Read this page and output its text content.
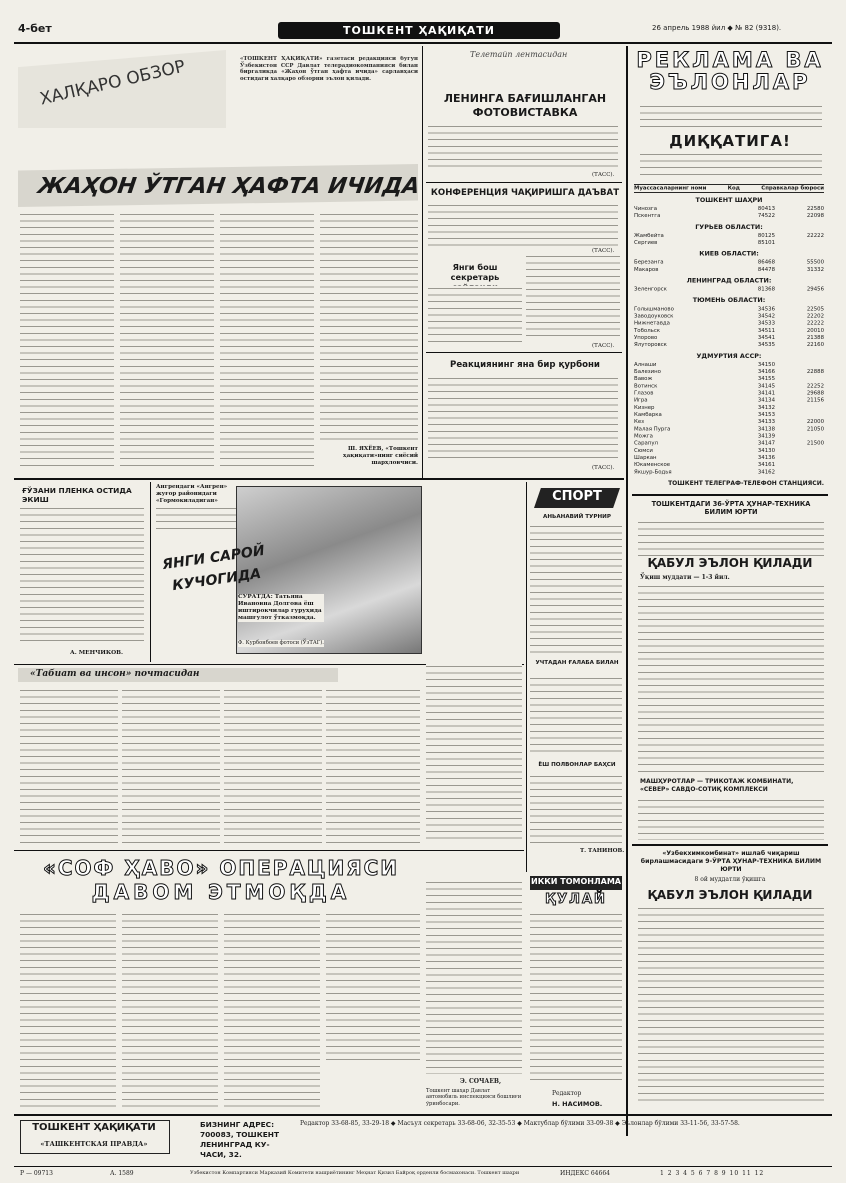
4-бет	ТОШКЕНТ ҲАҚИҚАТИ	26 апрель 1988 йил ◆ № 82 (9318).
ХАЛҚАРО ОБЗОР
ЖАҲОН ЎТГАН ҲАФТА ИЧИДА
«ТОШКЕНТ ҲАҚИҚАТИ» газетаси редакцияси бугун Ўзбекистон ССР Давлат телерадиокомпанияси билан биргаликда «Жаҳон ўтган ҳафта ичида» сарлавҳаси остидаги халқаро обзорни эълон қилади.
Ш. ЯХЁЕВ, «Тошкент ҳақиқати»нинг сиёсий шарҳловчиси.
Телетайп лентасидан
ЛЕНИНГА БАҒИШЛАНГАН ФОТОВИСТАВКА
(ТАСС).
КОНФЕРЕНЦИЯ ЧАҚИРИШГА ДАЪВАТ
(ТАСС).
Янги бош секретарь
(ТАСС).
Реакциянинг яна бир қурбони
(ТАСС).
РЕКЛАМА ВА
ЭЪЛОНЛАР
ДИҚҚАТИГА!
Муассасаларнинг номи	Код	Справкалар бюроси
ТОШКЕНТ ШАҲРИ
Чинозга	80413	22580
Пскентга	74522	22098
ГУРЬЕВ ОБЛАСТИ:
Жамбейта	80125	22222
Сергиев	85101
КИЕВ ОБЛАСТИ:
Березанга	86468	55500
Макаров	84478	31332
ЛЕНИНГРАД ОБЛАСТИ:
Зеленгорск	81368	29456
ТЮМЕНЬ ОБЛАСТИ:
Голышманово	34536	22505
Заводоуковск	34542	22202
Нижнетавда	34533	22222
Тобольск	34511	20010
Упорово	34541	21388
Ялуторовск	34535	22160
УДМУРТИЯ АССР:
Алнаши	34150
Балезино	34166	22888
Вавож	34155
Вотинск	34145	22252
Глазов	34141	29688
Игра	34134	21156
Кизнер	34132
Камбарка	34153
Кез	34133	22000
Малая Пурга	34138	21050
Можга	34139
Сарапул	34147	21500
Сюмси	34130
Шаркан	34136
Юкаменское	34161
Якшур-Бодья	34162
ТОШКЕНТ ТЕЛЕГРАФ-ТЕЛЕФОН СТАНЦИЯСИ.
ТОШКЕНТДАГИ 36-ЎРТА ҲУНАР-ТЕХНИКА БИЛИМ ЮРТИ
ҚАБУЛ ЭЪЛОН ҚИЛАДИ
Ўқиш муддати — 1-3 йил.
МАШҲУРОТЛАР — ТРИКОТАЖ КОМБИНАТИ, «СЕВЕР» САВДО-СОТИҚ КОМПЛЕКСИ
«Узбекхимкомбинат» ишлаб чиқариш бирлашмасидаги 9-ЎРТА ҲУНАР-ТЕХНИКА БИЛИМ ЮРТИ
8 ой муддатли ўқишга
ҚАБУЛ ЭЪЛОН ҚИЛАДИ
ҒЎЗАНИ ПЛЕНКА ОСТИДА ЭКИШ
А. МЕНЧИКОВ.
Ангрендаги «Ангрен» жуғор районидаги «Гормокиладиган»
ЯНГИ САРОЙ
КУЧОГИДА
СУРАТДА: Татьяна Ивановна Долгова ёш иштирокчилар гуруҳида машғулот ўтказмоқда.
Ф. Курбонбоев фотоси (ЎзТАГ).
СПОРТ
АНЬАНАВИЙ ТУРНИР
УЧТАДАН ҒАЛАБА БИЛАН
ЁШ ПОЛВОНЛАР БАҲСИ
Т. ТАНИНОВ.
«Табиат ва инсон» почтасидан
«СОФ ҲАВО» ОПЕРАЦИЯСИ
ДАВОМ ЭТМОҚДА
Э. СОЧАЕВ,
Тошкент шаҳар Давлат автомобиль инспекцияси бошлиғи ўринбосари.
ИККИ ТОМОНЛАМА
ҚУЛАЙ
Редактор
Н. НАСИМОВ.
ТОШКЕНТ ҲАҚИҚАТИ
«ТАШКЕНТСКАЯ ПРАВДА»
БИЗНИНГ АДРЕС:
700083, ТОШКЕНТ
ЛЕНИНГРАД КУ-
ЧАСИ, 32.
Редактор 33-68-85, 33-29-18 ◆ Масъул секретарь 33-68-06, 32-35-53 ◆ Мактублар бўлими 33-09-38 ◆ Эълонлар бўлими 33-11-56, 33-57-58.
Р — 09713	А. 1589	Ўзбекистон Компартияси Марказий Комитети нашриётининг Меҳнат Қизил Байроқ орденли босмахонаси. Тошкент шаҳри	ИНДЕКС 64664	1 2 3 4 5 6 7 8 9 10 11 12
